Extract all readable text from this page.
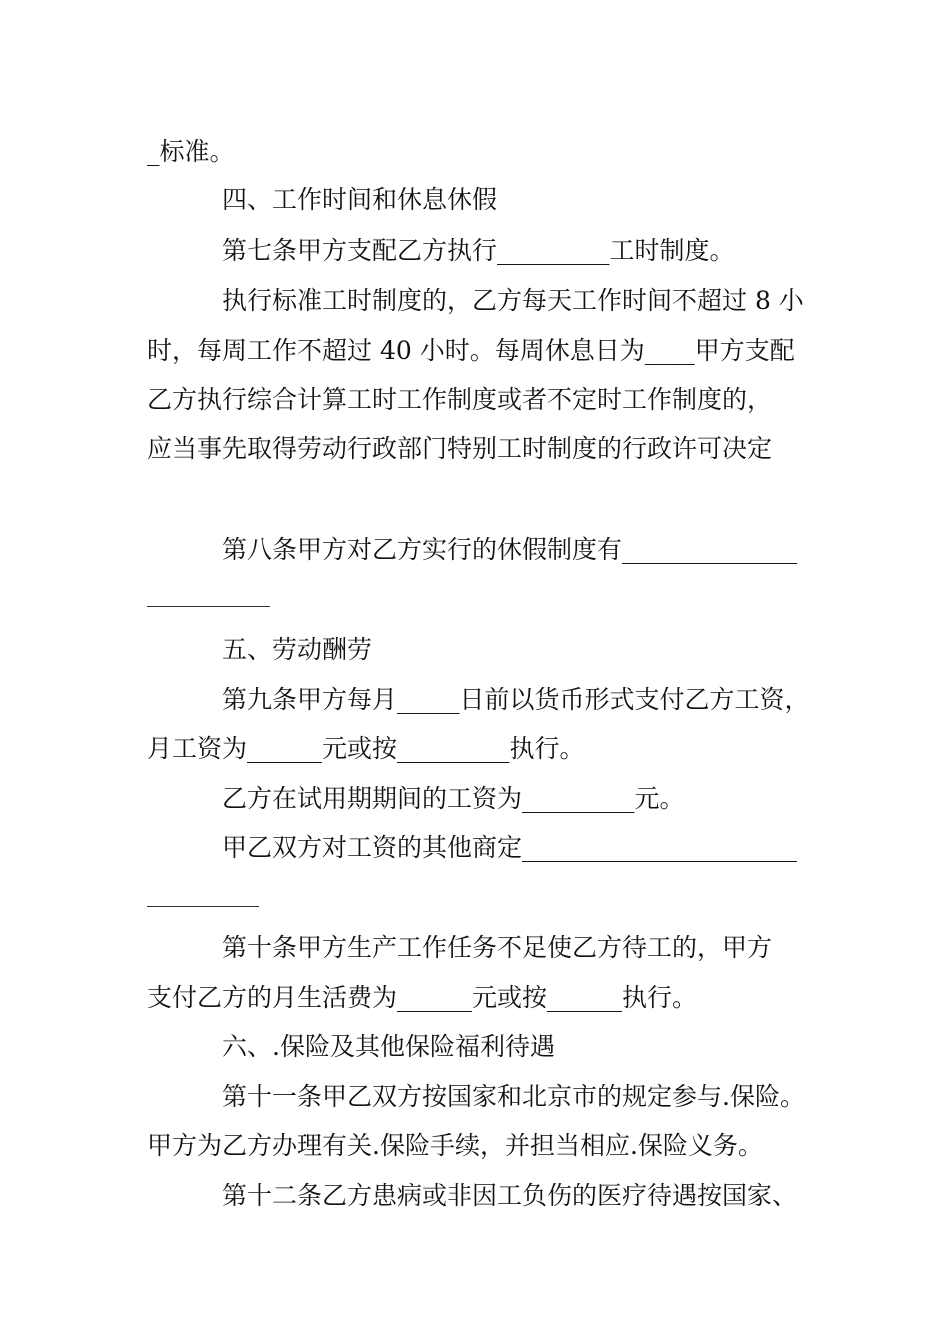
_标准。
四、工作时间和休息休假
第七条甲方支配乙方执行_________工时制度。
执行标准工时制度的，乙方每天工作时间不超过 8 小
时，每周工作不超过 40 小时。每周休息日为____甲方支配
乙方执行综合计算工时工作制度或者不定时工作制度的，
应当事先取得劳动行政部门特别工时制度的行政许可决定
第八条甲方对乙方实行的休假制度有______________
五、劳动酬劳
第九条甲方每月_____日前以货币形式支付乙方工资，
月工资为______元或按_________执行。
乙方在试用期期间的工资为_________元。
甲乙双方对工资的其他商定______________________
第十条甲方生产工作任务不足使乙方待工的，甲方
支付乙方的月生活费为______元或按______执行。
六、.保险及其他保险福利待遇
第十一条甲乙双方按国家和北京市的规定参与.保险。
甲方为乙方办理有关.保险手续，并担当相应.保险义务。
第十二条乙方患病或非因工负伤的医疗待遇按国家、
